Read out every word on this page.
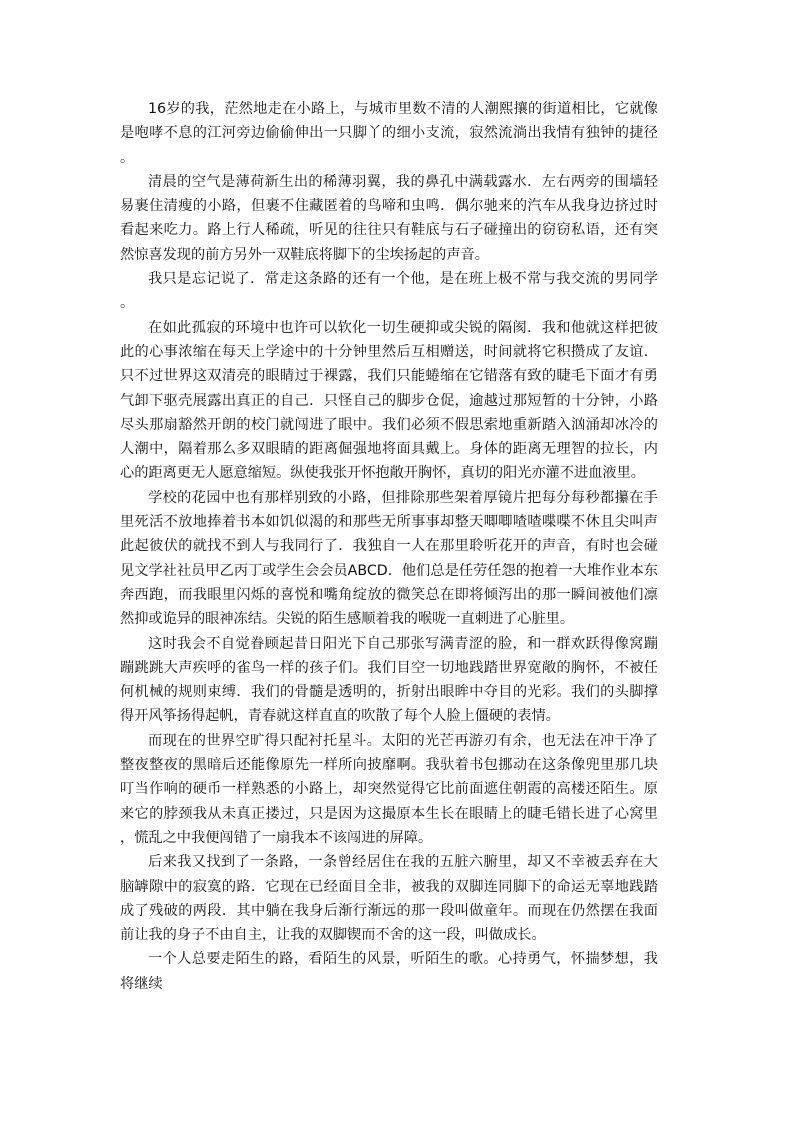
16岁的我，茫然地走在小路上，与城市里数不清的人潮熙攘的街道相比，它就像是咆哮不息的江河旁边偷偷伸出一只脚丫的细小支流，寂然流淌出我情有独钟的捷径。

清晨的空气是薄荷新生出的稀薄羽翼，我的鼻孔中满载露水．左右两旁的围墙轻易裹住清瘦的小路，但裹不住藏匿着的鸟啼和虫鸣．偶尔驰来的汽车从我身边挤过时看起来吃力。路上行人稀疏，听见的往往只有鞋底与石子碰撞出的窃窃私语，还有突然惊喜发现的前方另外一双鞋底将脚下的尘埃扬起的声音。

我只是忘记说了．常走这条路的还有一个他，是在班上极不常与我交流的男同学。

在如此孤寂的环境中也许可以软化一切生硬抑或尖锐的隔阂．我和他就这样把彼此的心事浓缩在每天上学途中的十分钟里然后互相赠送，时间就将它积攒成了友谊．只不过世界这双清亮的眼睛过于裸露，我们只能蜷缩在它错落有致的睫毛下面才有勇气卸下驱壳展露出真正的自己．只怪自己的脚步仓促，逾越过那短暂的十分钟，小路尽头那扇豁然开朗的校门就闯进了眼中。我们必须不假思索地重新踏入汹涌却冰冷的人潮中，隔着那么多双眼睛的距离倔强地将面具戴上。身体的距离无理智的拉长，内心的距离更无人愿意缩短。纵使我张开怀抱敞开胸怀，真切的阳光亦灌不进血液里。

学校的花园中也有那样别致的小路，但排除那些架着厚镜片把每分每秒都攥在手里死活不放地捧着书本如饥似渴的和那些无所事事却整天唧唧喳喳喋喋不休且尖叫声此起彼伏的就找不到人与我同行了．我独自一人在那里聆听花开的声音，有时也会碰见文学社社员甲乙丙丁或学生会会员ABCD．他们总是任劳任怨的抱着一大堆作业本东奔西跑，而我眼里闪烁的喜悦和嘴角绽放的微笑总在即将倾泻出的那一瞬间被他们凛然抑或诡异的眼神冻结。尖锐的陌生感顺着我的喉咙一直刺进了心脏里。

这时我会不自觉眷顾起昔日阳光下自己那张写满青涩的脸，和一群欢跃得像窝蹦蹦跳跳大声疾呼的雀鸟一样的孩子们。我们目空一切地践踏世界宽敞的胸怀，不被任何机械的规则束缚．我们的骨髓是透明的，折射出眼眸中夺目的光彩。我们的头脚撑得开风筝扬得起帆，青春就这样直直的吹散了每个人脸上僵硬的表情。

而现在的世界空旷得只配衬托星斗。太阳的光芒再游刃有余，也无法在冲干净了整夜整夜的黑暗后还能像原先一样所向披靡啊。我驮着书包挪动在这条像兜里那几块叮当作响的硬币一样熟悉的小路上，却突然觉得它比前面遮住朝霞的高楼还陌生。原来它的脖颈我从未真正搂过，只是因为这撮原本生长在眼睛上的睫毛错长进了心窝里，慌乱之中我便闯错了一扇我本不该闯进的屏障。

后来我又找到了一条路，一条曾经居住在我的五脏六腑里，却又不幸被丢弃在大脑罅隙中的寂寞的路．它现在已经面目全非，被我的双脚连同脚下的命运无辜地践踏成了残破的两段．其中躺在我身后渐行渐远的那一段叫做童年。而现在仍然摆在我面前让我的身子不由自主，让我的双脚锲而不舍的这一段，叫做成长。

一个人总要走陌生的路，看陌生的风景，听陌生的歌。心持勇气，怀揣梦想，我将继续
